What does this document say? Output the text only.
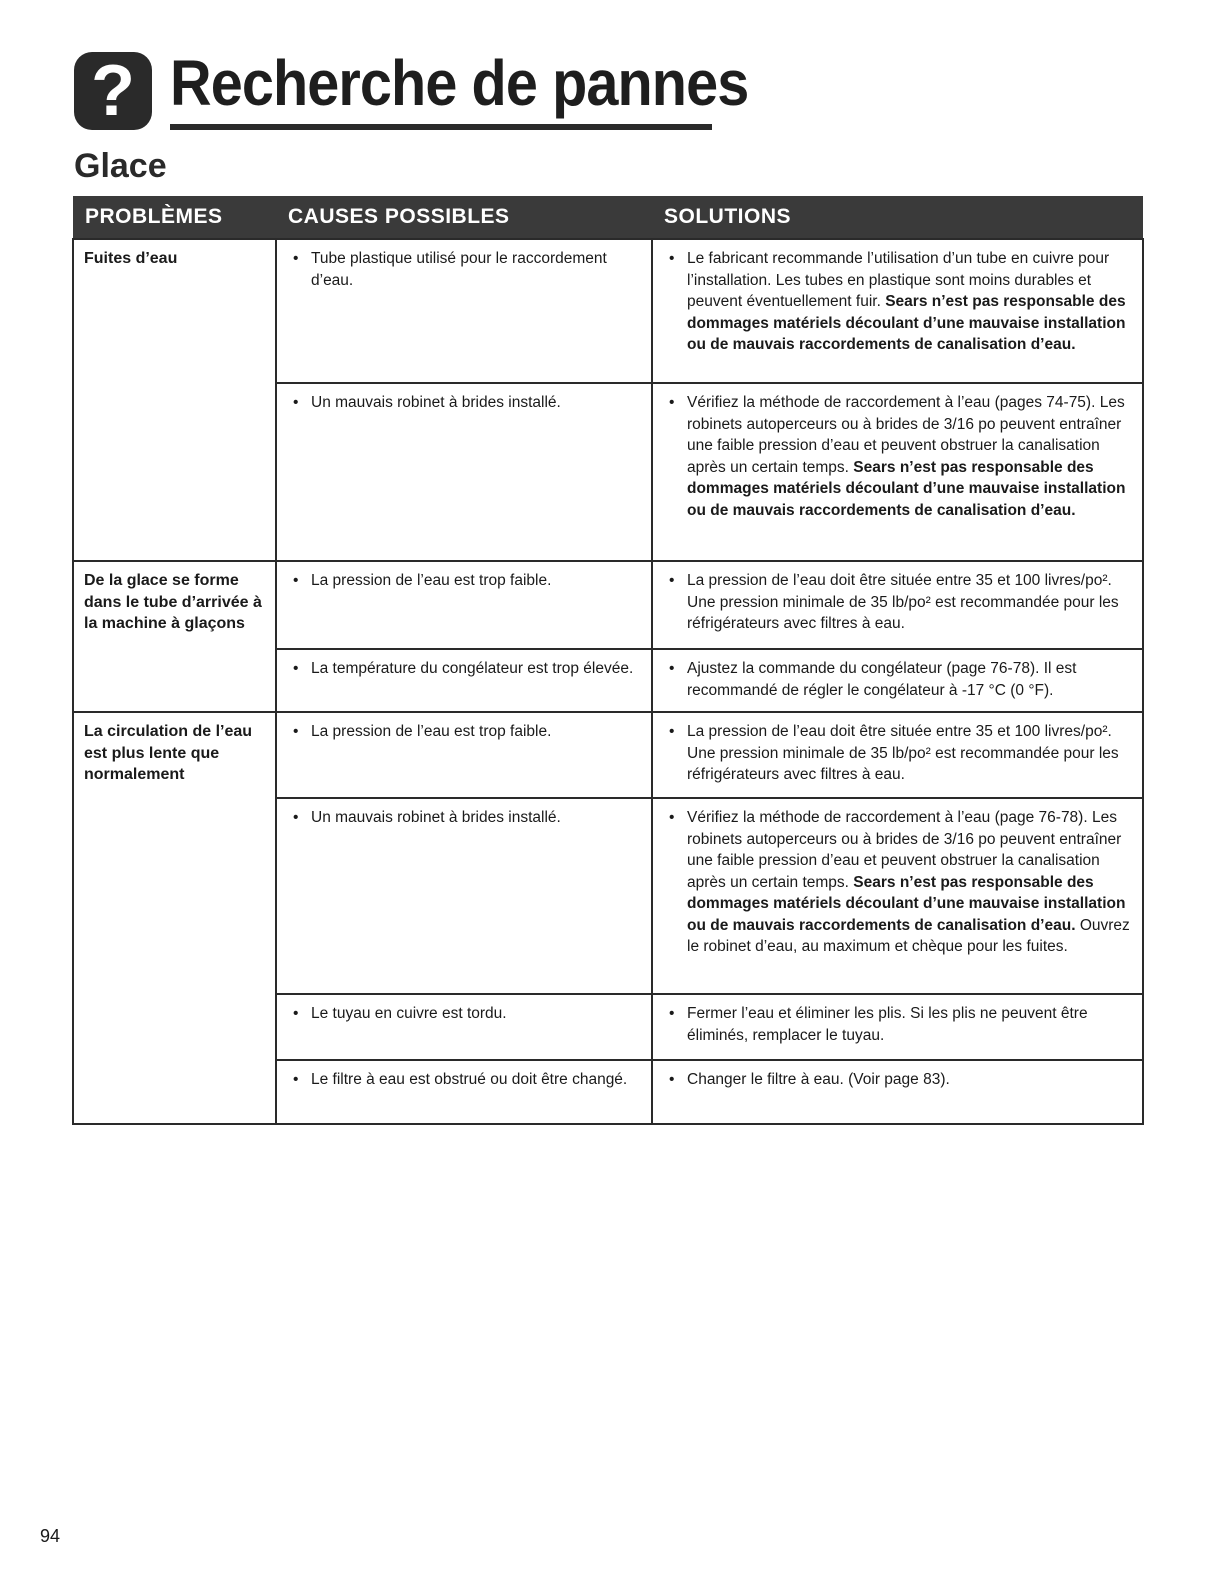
? Recherche de pannes
Glace
PROBLÈMES	CAUSES POSSIBLES	SOLUTIONS
Fuites d’eau	• Tube plastique utilisé pour le raccordement d’eau.	• Le fabricant recommande l’utilisation d’un tube en cuivre pour l’installation. Les tubes en plastique sont moins durables et peuvent éventuellement fuir. Sears n’est pas responsable des dommages matériels découlant d’une mauvaise installation ou de mauvais raccordements de canalisation d’eau.

	• Un mauvais robinet à brides installé.	• Vérifiez la méthode de raccordement à l’eau (pages 74-75). Les robinets autoperceurs ou à brides de 3/16 po peuvent entraîner une faible pression d’eau et peuvent obstruer la canalisation après un certain temps. Sears n’est pas responsable des dommages matériels découlant d’une mauvaise installation ou de mauvais raccordements de canalisation d’eau.

De la glace se forme dans le tube d’arrivée à la machine à glaçons	• La pression de l’eau est trop faible.	• La pression de l’eau doit être située entre 35 et 100 livres/po². Une pression minimale de 35 lb/po² est recommandée pour les réfrigérateurs avec filtres à eau.

	• La température du congélateur est trop élevée.	• Ajustez la commande du congélateur (page 76-78). Il est recommandé de régler le congélateur à -17 °C (0 °F).

La circulation de l’eau est plus lente que normalement	• La pression de l’eau est trop faible.	• La pression de l’eau doit être située entre 35 et 100 livres/po². Une pression minimale de 35 lb/po² est recommandée pour les réfrigérateurs avec filtres à eau.

	• Un mauvais robinet à brides installé.	• Vérifiez la méthode de raccordement à l’eau (page 76-78). Les robinets autoperceurs ou à brides de 3/16 po peuvent entraîner une faible pression d’eau et peuvent obstruer la canalisation après un certain temps. Sears n’est pas responsable des dommages matériels découlant d’une mauvaise installation ou de mauvais raccordements de canalisation d’eau. Ouvrez le robinet d’eau, au maximum et chèque pour les fuites.

	• Le tuyau en cuivre est tordu.	• Fermer l’eau et éliminer les plis. Si les plis ne peuvent être éliminés, remplacer le tuyau.

	• Le filtre à eau est obstrué ou doit être changé.	• Changer le filtre à eau. (Voir page 83).
94
